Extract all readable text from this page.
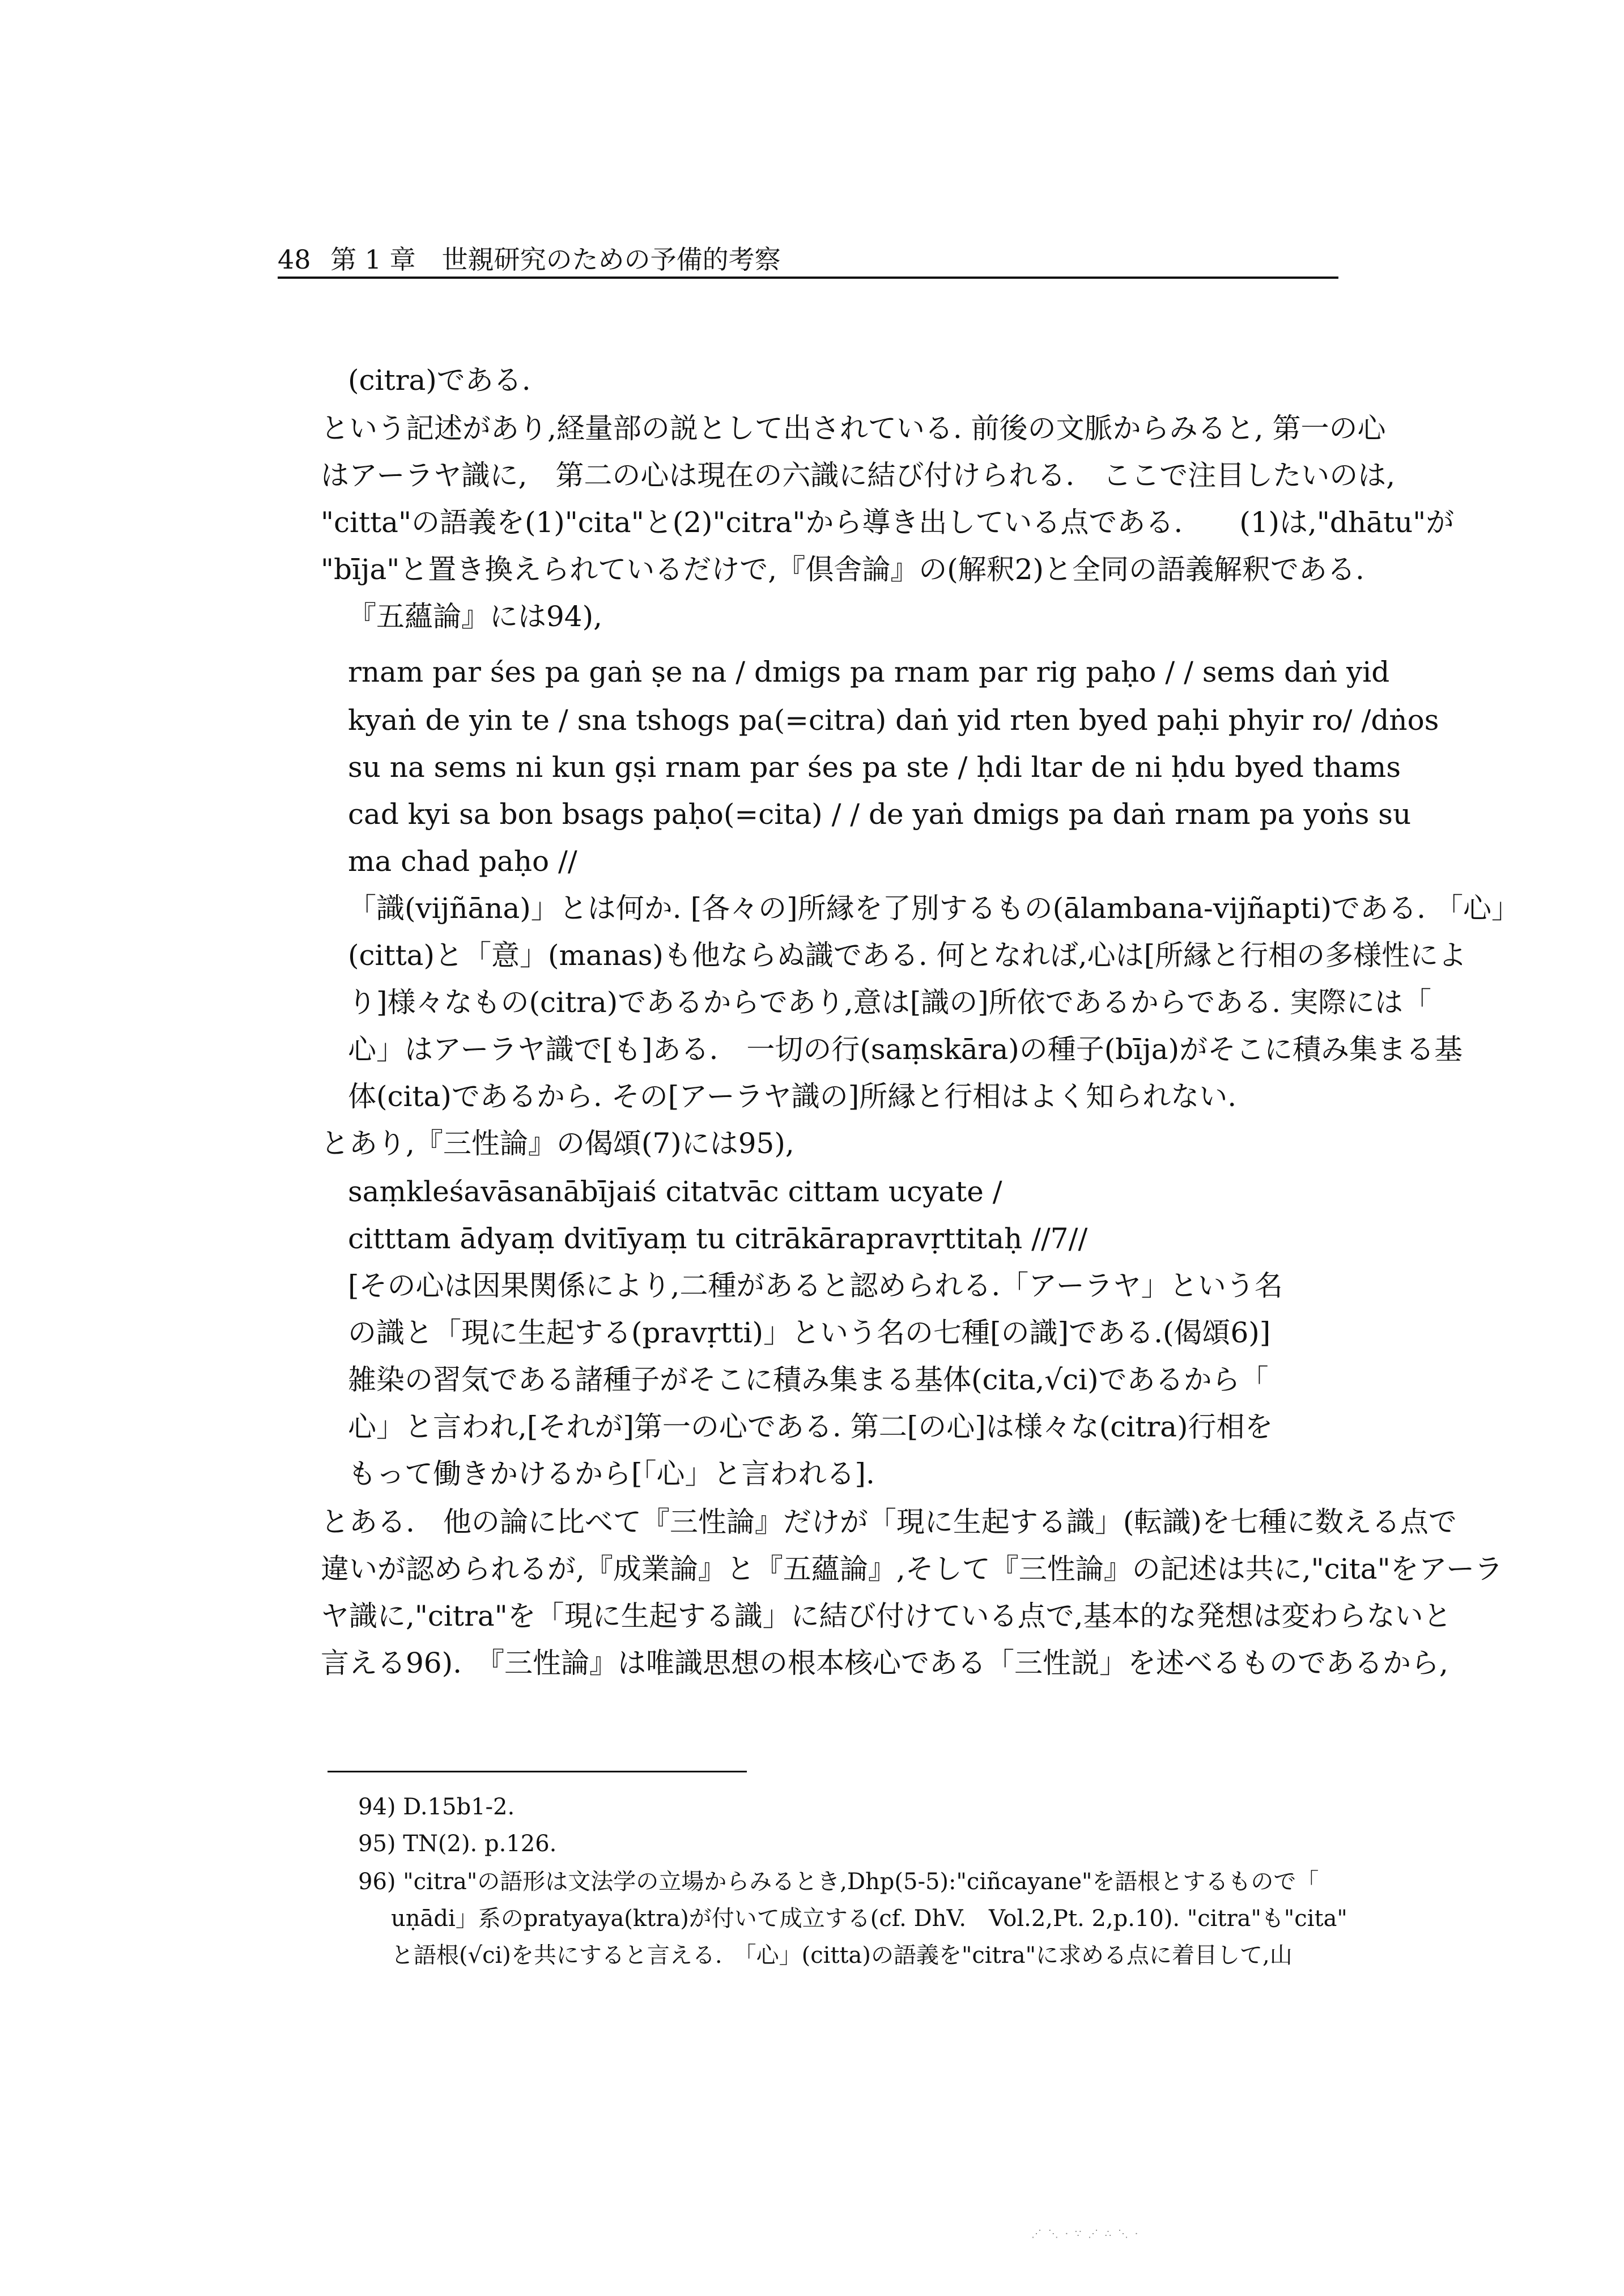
48 第 1 章　世親研究のための予備的考察
(citra)である.
という記述があり,経量部の説として出されている. 前後の文脈からみると, 第一の心
はアーラヤ識に,　第二の心は現在の六識に結び付けられる.　ここで注目したいのは,
"citta"の語義を(1)"cita"と(2)"citra"から導き出している点である.　　(1)は,"dhātu"が
"bīja"と置き換えられているだけで,『倶舎論』の(解釈2)と全同の語義解釈である.
『五蘊論』には94),
rnam par śes pa gaṅ ṣe na / dmigs pa rnam par rig paḥo / / sems daṅ yid
kyaṅ de yin te / sna tshogs pa(=citra) daṅ yid rten byed paḥi phyir ro/ /dṅos
su na sems ni kun gṣi rnam par śes pa ste / ḥdi ltar de ni ḥdu byed thams
cad kyi sa bon bsags paḥo(=cita) / / de yaṅ dmigs pa daṅ rnam pa yoṅs su
ma chad paḥo //
「識(vijñāna)」とは何か. [各々の]所縁を了別するもの(ālambana-vijñapti)である. 「心」
(citta)と「意」(manas)も他ならぬ識である. 何となれば,心は[所縁と行相の多様性によ
り]様々なもの(citra)であるからであり,意は[識の]所依であるからである. 実際には「
心」はアーラヤ識で[も]ある.　一切の行(saṃskāra)の種子(bīja)がそこに積み集まる基
体(cita)であるから. その[アーラヤ識の]所縁と行相はよく知られない.
とあり,『三性論』の偈頌(7)には95),
saṃkleśavāsanābījaiś citatvāc cittam ucyate /
citttam ādyaṃ dvitīyaṃ tu citrākārapravṛttitaḥ //7//
[その心は因果関係により,二種があると認められる.「アーラヤ」という名
の識と「現に生起する(pravṛtti)」という名の七種[の識]である.(偈頌6)]
雑染の習気である諸種子がそこに積み集まる基体(cita,√ci)であるから「
心」と言われ,[それが]第一の心である. 第二[の心]は様々な(citra)行相を
もって働きかけるから[「心」と言われる].
とある.　他の論に比べて『三性論』だけが「現に生起する識」(転識)を七種に数える点で
違いが認められるが,『成業論』と『五蘊論』,そして『三性論』の記述は共に,"cita"をアーラ
ヤ識に,"citra"を「現に生起する識」に結び付けている点で,基本的な発想は変わらないと
言える96).　『三性論』は唯識思想の根本核心である「三性説」を述べるものであるから,
94) D.15b1-2.
95) TN(2). p.126.
96) "citra"の語形は文法学の立場からみるとき,Dhp(5-5):"ciñcayane"を語根とするもので「
uṇādi」系のpratyaya(ktra)が付いて成立する(cf. DhV.　Vol.2,Pt. 2,p.10). "citra"も"cita"
と語根(√ci)を共にすると言える.　「心」(citta)の語義を"citra"に求める点に着目して,山
⋰ ⋱ · ∵ ⋰ ∴ ⋱ ·
